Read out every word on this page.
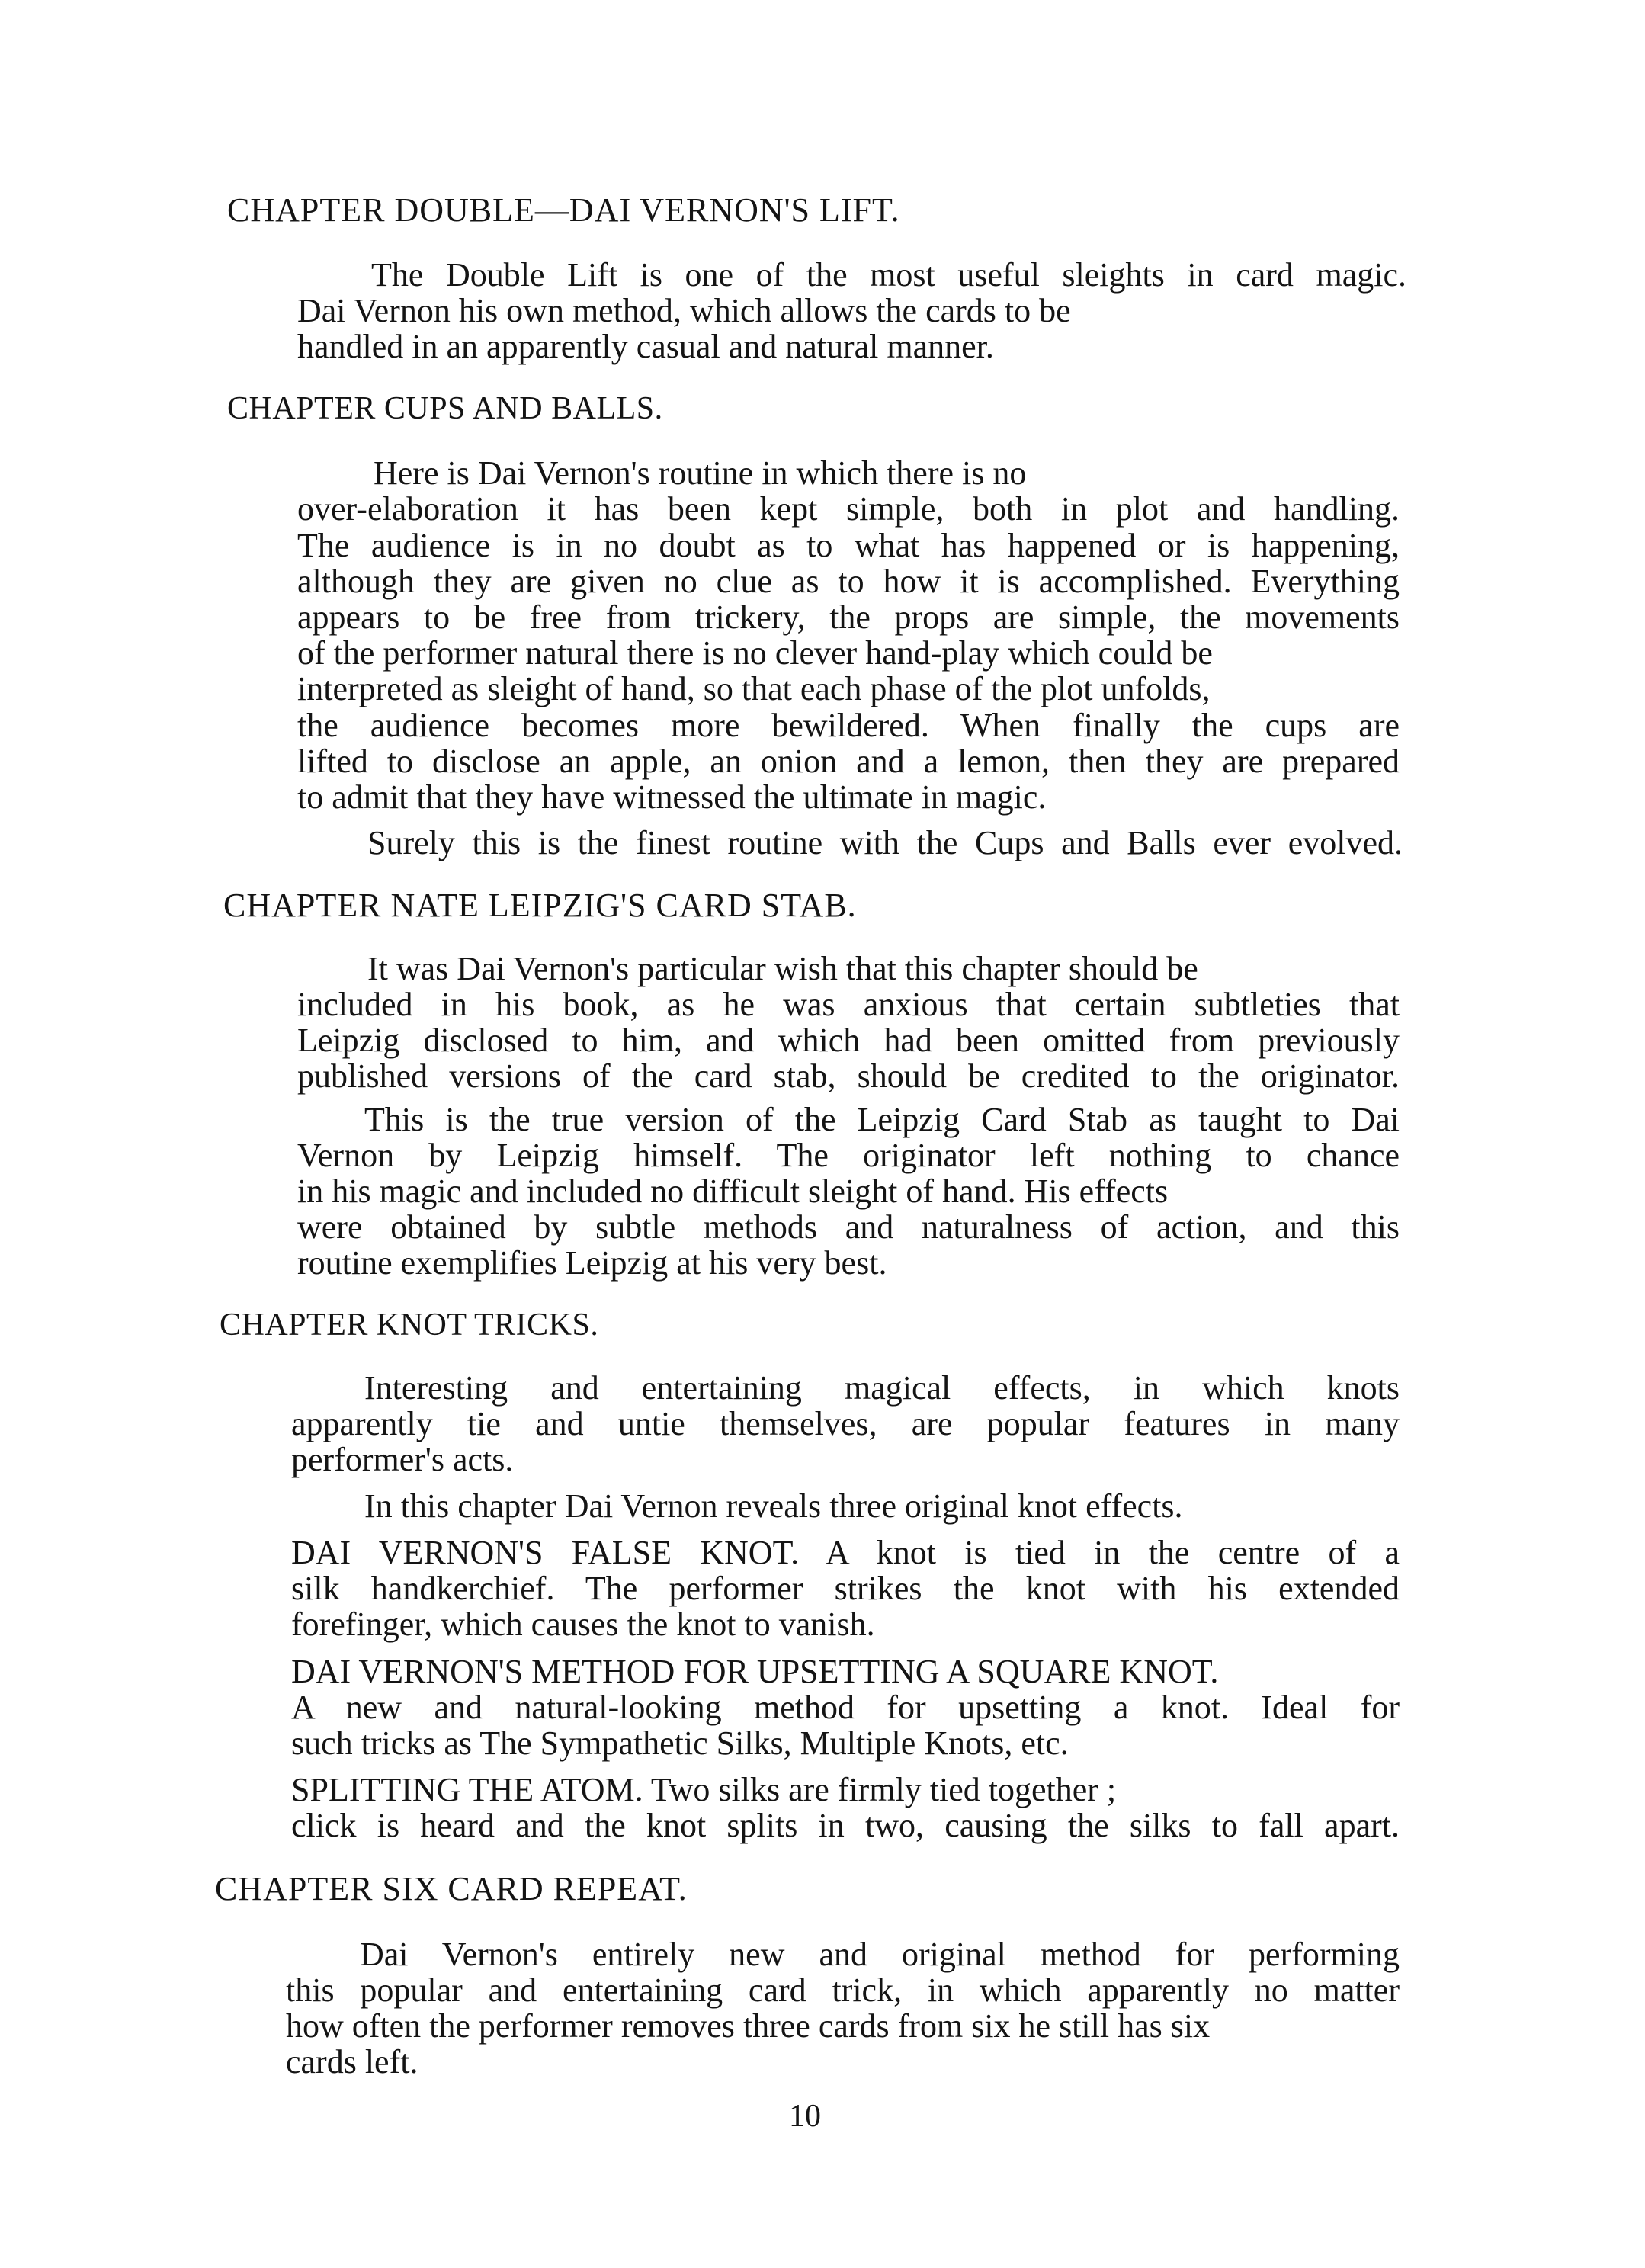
CHAPTER DOUBLE—DAI VERNON'S LIFT.

The Double Lift is one of the most useful sleights in card magic.

Dai Vernon his own method, which allows the cards to be

handled in an apparently casual and natural manner.

CHAPTER CUPS AND BALLS.

Here is Dai Vernon's routine in which there is no

over-elaboration it has been kept simple, both in plot and handling.

The audience is in no doubt as to what has happened or is happening,

although they are given no clue as to how it is accomplished. Everything

appears to be free from trickery, the props are simple, the movements

of the performer natural there is no clever hand-play which could be

interpreted as sleight of hand, so that each phase of the plot unfolds,

the audience becomes more bewildered. When finally the cups are

lifted to disclose an apple, an onion and a lemon, then they are prepared

to admit that they have witnessed the ultimate in magic.

Surely this is the finest routine with the Cups and Balls ever evolved.

CHAPTER NATE LEIPZIG'S CARD STAB.

It was Dai Vernon's particular wish that this chapter should be

included in his book, as he was anxious that certain subtleties that

Leipzig disclosed to him, and which had been omitted from previously

published versions of the card stab, should be credited to the originator.

This is the true version of the Leipzig Card Stab as taught to Dai

Vernon by Leipzig himself. The originator left nothing to chance

in his magic and included no difficult sleight of hand. His effects

were obtained by subtle methods and naturalness of action, and this

routine exemplifies Leipzig at his very best.

CHAPTER KNOT TRICKS.

Interesting and entertaining magical effects, in which knots

apparently tie and untie themselves, are popular features in many

performer's acts.

In this chapter Dai Vernon reveals three original knot effects.

DAI VERNON'S FALSE KNOT. A knot is tied in the centre of a

silk handkerchief. The performer strikes the knot with his extended

forefinger, which causes the knot to vanish.

DAI VERNON'S METHOD FOR UPSETTING A SQUARE KNOT.

A new and natural-looking method for upsetting a knot. Ideal for

such tricks as The Sympathetic Silks, Multiple Knots, etc.

SPLITTING THE ATOM. Two silks are firmly tied together ;

click is heard and the knot splits in two, causing the silks to fall apart.

CHAPTER SIX CARD REPEAT.

Dai Vernon's entirely new and original method for performing

this popular and entertaining card trick, in which apparently no matter

how often the performer removes three cards from six he still has six

cards left.

10
